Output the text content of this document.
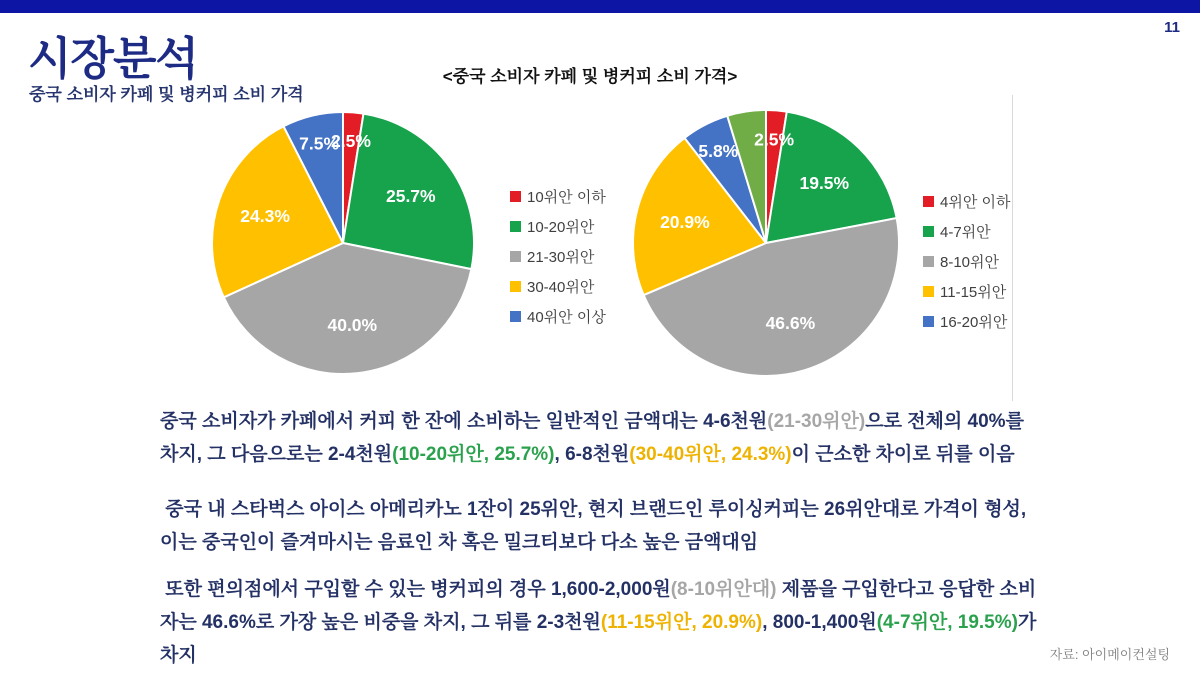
11
시장분석
중국 소비자 카페 및 병커피 소비 가격
<중국 소비자 카페 및 병커피 소비 가격>
2.5%
25.7%
40.0%
24.3%
7.5%	2.5%
19.5%
46.6%
20.9%
5.8%
10위안 이하
10-20위안
21-30위안
30-40위안
40위안 이상
4위안 이하
4-7위안
8-10위안
11-15위안
16-20위안

중국 소비자가 카페에서 커피 한 잔에 소비하는 일반적인 금액대는 4-6천원(21-30위안)으로 전체의 40%를 차지, 그 다음으로는 2-4천원(10-20위안, 25.7%), 6-8천원(30-40위안, 24.3%)이 근소한 차이로 뒤를 이음

중국 내 스타벅스 아이스 아메리카노 1잔이 25위안, 현지 브랜드인 루이싱커피는 26위안대로 가격이 형성, 이는 중국인이 즐겨마시는 음료인 차 혹은 밀크티보다 다소 높은 금액대임

또한 편의점에서 구입할 수 있는 병커피의 경우 1,600-2,000원(8-10위안대) 제품을 구입한다고 응답한 소비자는 46.6%로 가장 높은 비중을 차지, 그 뒤를 2-3천원(11-15위안, 20.9%), 800-1,400원(4-7위안, 19.5%)가 차지	자료: 아이메이컨설팅
